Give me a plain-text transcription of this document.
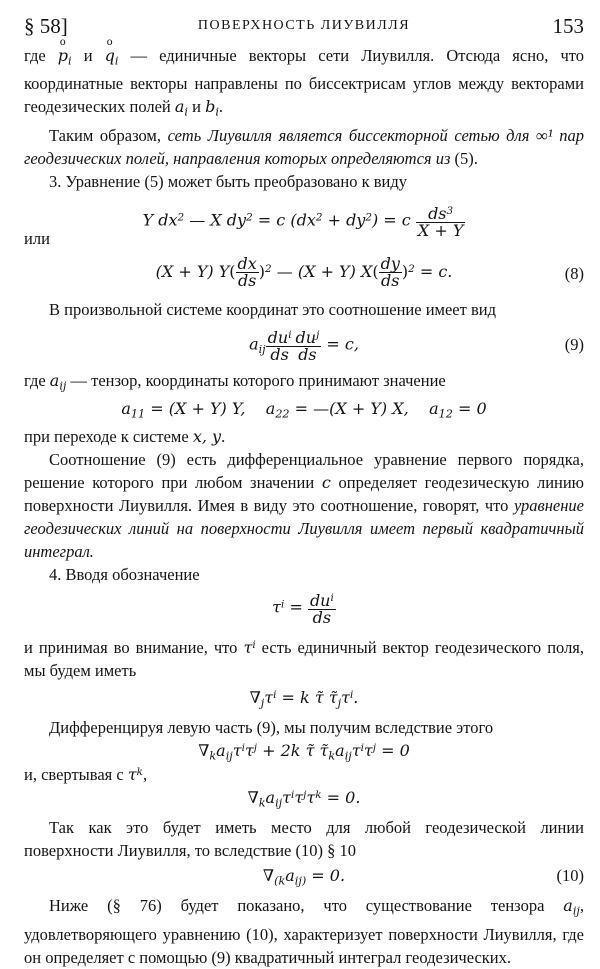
§ 58]	ПОВЕРХНОСТЬ ЛИУВИЛЛЯ	153

где o $p_i$ и o $q_i$ — единичные векторы сети Лиувилля. Отсюда ясно, что координатные векторы направлены по биссектрисам углов между векторами геодезических полей $a_i$ и $b_i$.

Таким образом, сеть Лиувилля является биссекторной сетью для ∞¹ пар геодезических полей, направления которых определяются из (5).

3. Уравнение (5) может быть преобразовано к виду

Y $dx^2$ — X $dy^2 = c$ $(dx^2 + dy^2) = c \frac{ds^3}{X + Y}$

или

(X + Y) $Y( \frac{dx}{ds} )^2$ — (X + Y) $X( \frac{dy}{ds} )^2 = c$.	(8)

В произвольной системе координат это соотношение имеет вид

$a_{ij} \frac{du^i}{ds} \frac{du^j}{ds} = c$,	(9)

где $a_{ij}$ — тензор, координаты которого принимают значение

$a_{11} = (X + Y)$ Y,    $a_{22}$ = —(X + Y) X,    $a_{12} = 0$

при переходе к системе x, y.

Соотношение (9) есть дифференциальное уравнение первого порядка, решение которого при любом значении c определяет геодезическую линию поверхности Лиувилля. Имея в виду это соотношение, говорят, что уравнение геодезических линий на поверхности Лиувилля имеет первый квадратичный интеграл.

4. Вводя обозначение

$\tau^i = \frac{du^i}{ds}$

и принимая во внимание, что $\tau^i$ есть единичный вектор геодезического поля, мы будем иметь

$\nabla_j\tau^i = k$ τ̃ $\taũ_j\tau^i$.

Дифференцируя левую часть (9), мы получим вследствие этого

$\nabla_ka_{ij}\tau^i\tau^j + 2k$ τ̃ $\taũ_ka_{ij}\tau^i\tau^j = 0$

и, свертывая с $\tau^k$,

$\nabla_ka_{ij}\tau^i\tau^j\tau^k = 0$.

Так как это будет иметь место для любой геодезической линии поверхности Лиувилля, то вследствие (10) § 10

$\nabla_{(k}a_{ij)} = 0$.	(10)

Ниже (§ 76) будет показано, что существование тензора $a_{ij}$, удовлетворяющего уравнению (10), характеризует поверхности Лиувилля, где он определяет с помощью (9) квадратичный интеграл геодезических.
